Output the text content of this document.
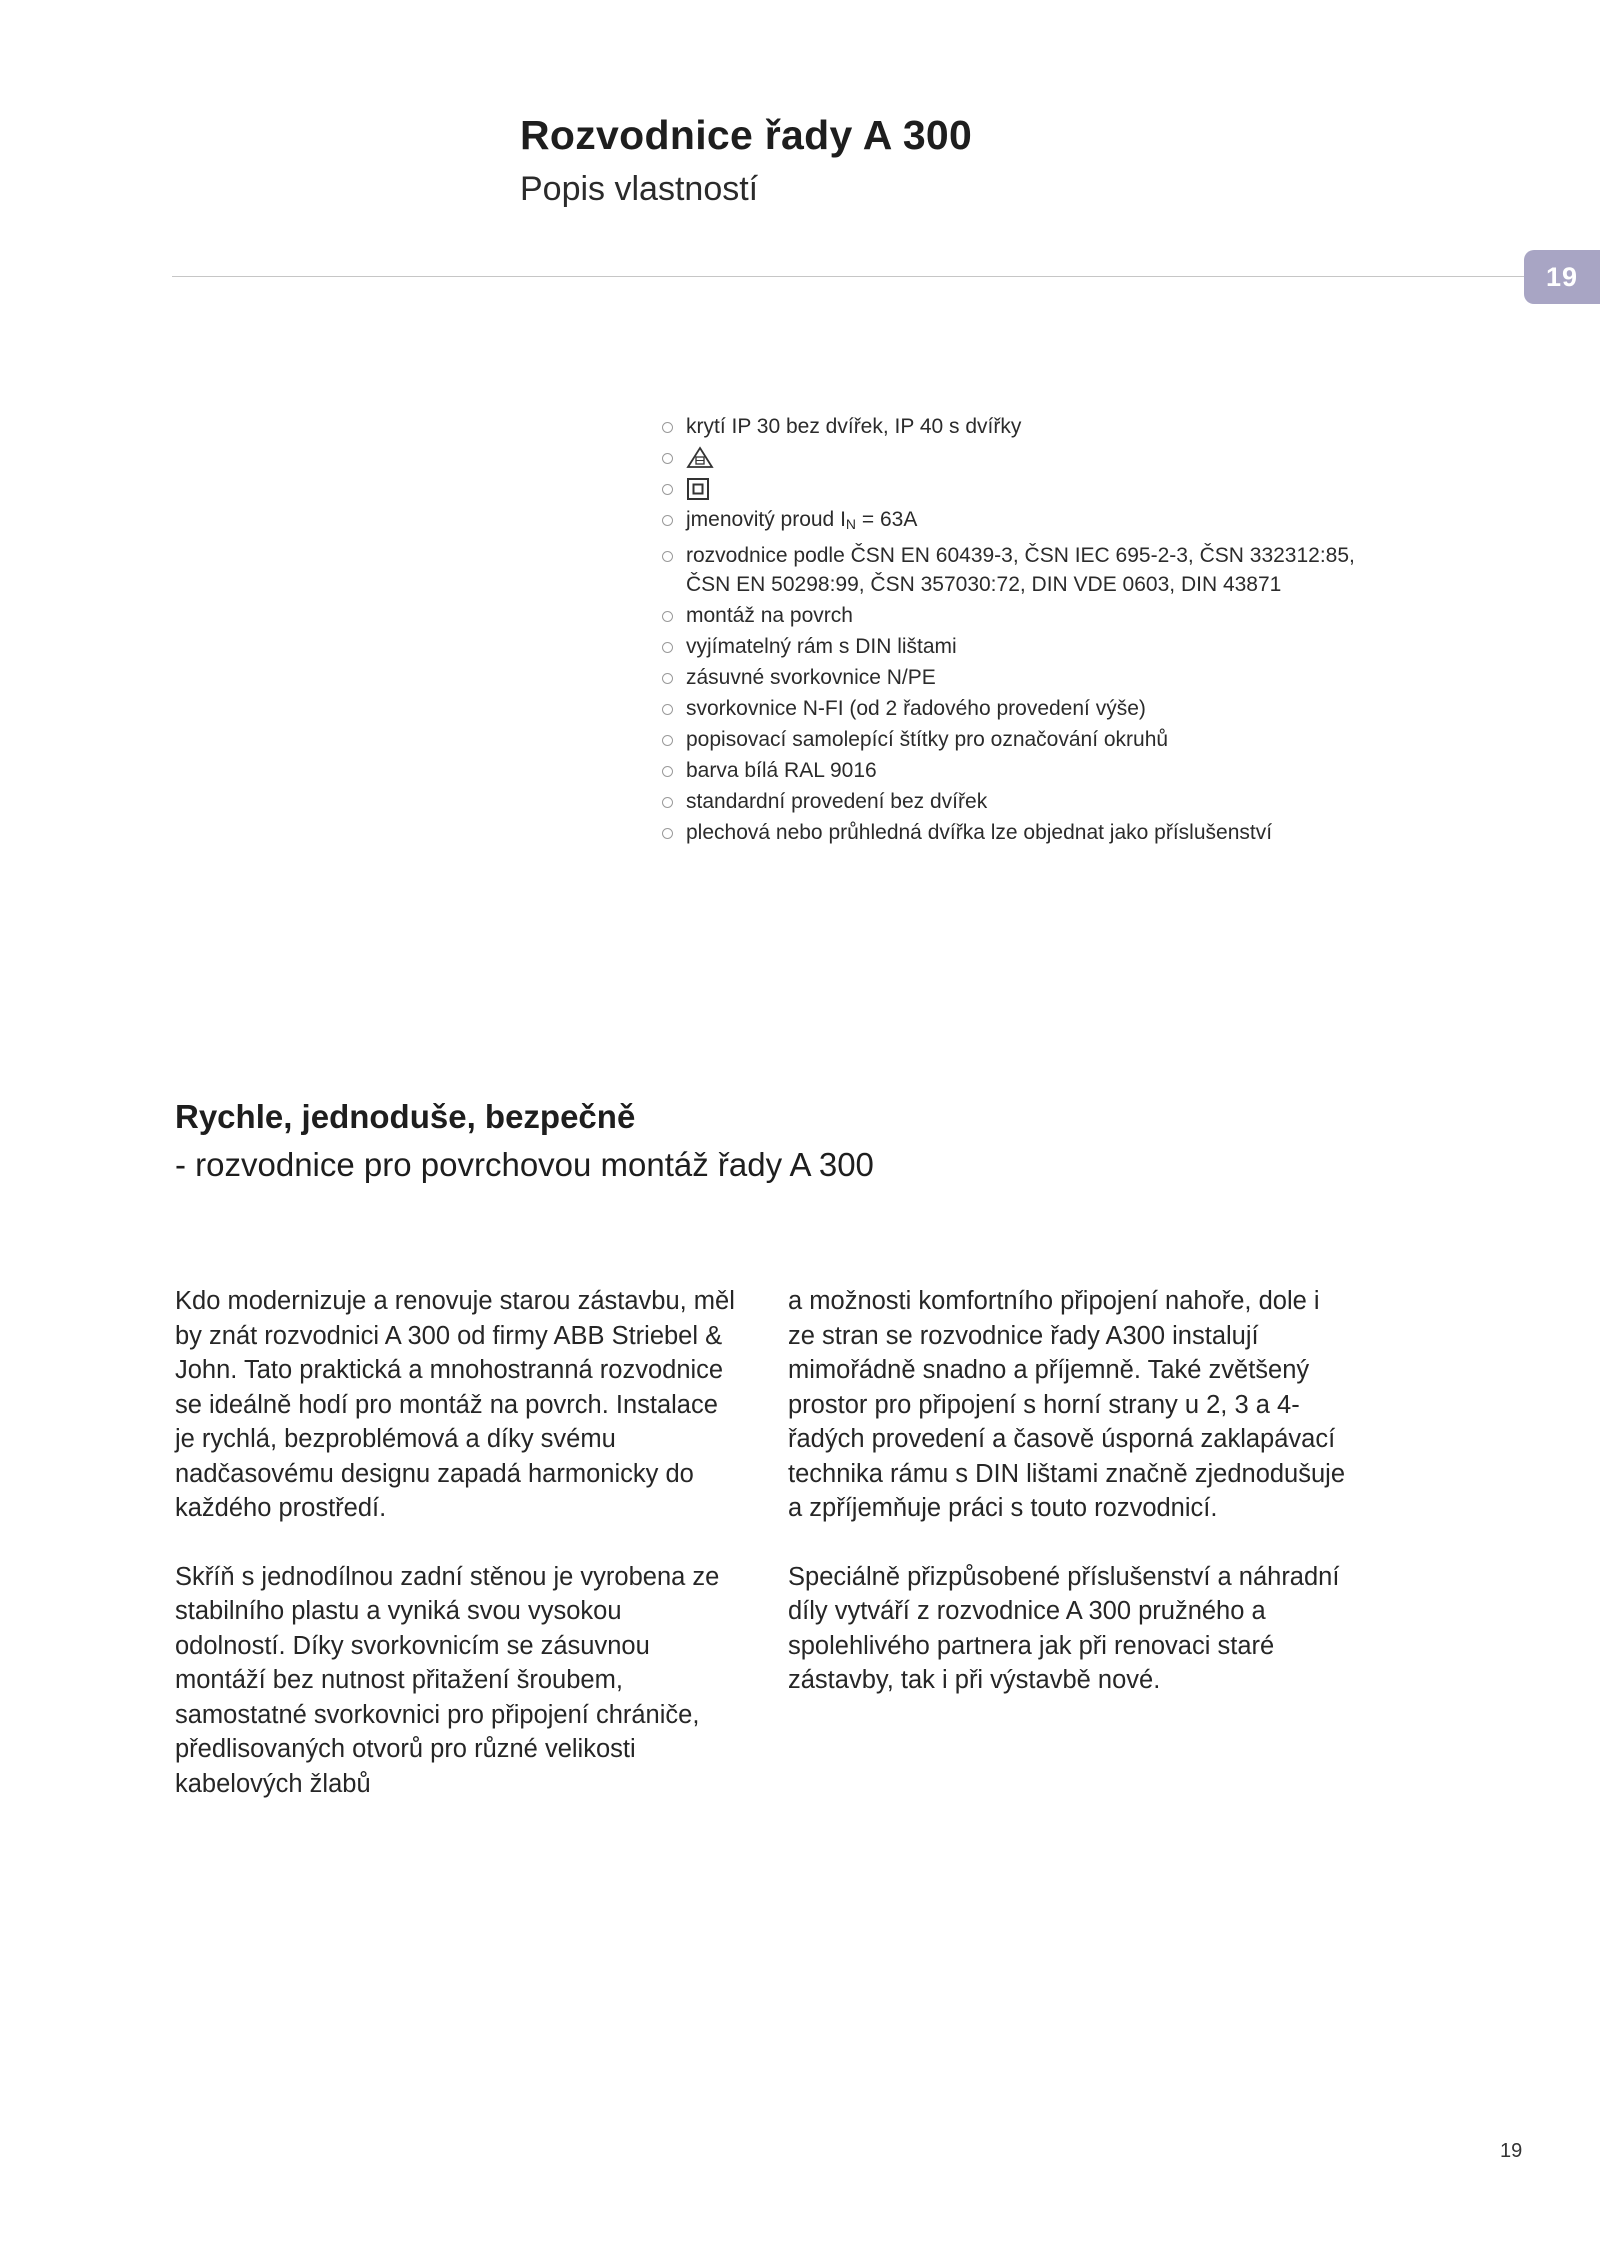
Rozvodnice řady A 300
Popis vlastností
19
krytí IP 30 bez dvířek, IP 40 s dvířky
jmenovitý proud $I_N = 63A$
rozvodnice podle ČSN EN 60439-3, ČSN IEC 695-2-3, ČSN 332312:85,
ČSN EN 50298:99, ČSN 357030:72, DIN VDE 0603, DIN 43871
montáž na povrch
vyjímatelný rám s DIN lištami
zásuvné svorkovnice N/PE
svorkovnice N-FI (od 2 řadového provedení výše)
popisovací samolepící štítky pro označování okruhů
barva bílá RAL 9016
standardní provedení bez dvířek
plechová nebo průhledná dvířka lze objednat jako příslušenství
Rychle, jednoduše, bezpečně
- rozvodnice pro povrchovou montáž řady A 300

Kdo modernizuje a renovuje starou zástavbu, měl by znát rozvodnici A 300 od firmy ABB Striebel & John. Tato praktická a mnohostranná rozvodnice se ideálně hodí pro montáž na povrch. Instalace je rychlá, bezproblémová a díky svému nadčasovému designu zapadá harmonicky do každého prostředí.

Skříň s jednodílnou zadní stěnou je vyrobena ze stabilního plastu a vyniká svou vysokou odolností. Díky svorkovnicím se zásuvnou montáží bez nutnost přitažení šroubem, samostatné svorkovnici pro připojení chrániče, předlisovaných otvorů pro různé velikosti kabelových žlabů

a možnosti komfortního připojení nahoře, dole i ze stran se rozvodnice řady A300 instalují mimořádně snadno a příjemně. Také zvětšený prostor pro připojení s horní strany u 2, 3 a 4-řadých provedení a časově úsporná zaklapávací technika rámu s DIN lištami značně zjednodušuje a zpříjemňuje práci s touto rozvodnicí.

Speciálně přizpůsobené příslušenství a náhradní díly vytváří z rozvodnice A 300 pružného a spolehlivého partnera jak při renovaci staré zástavby, tak i při výstavbě nové.

19
